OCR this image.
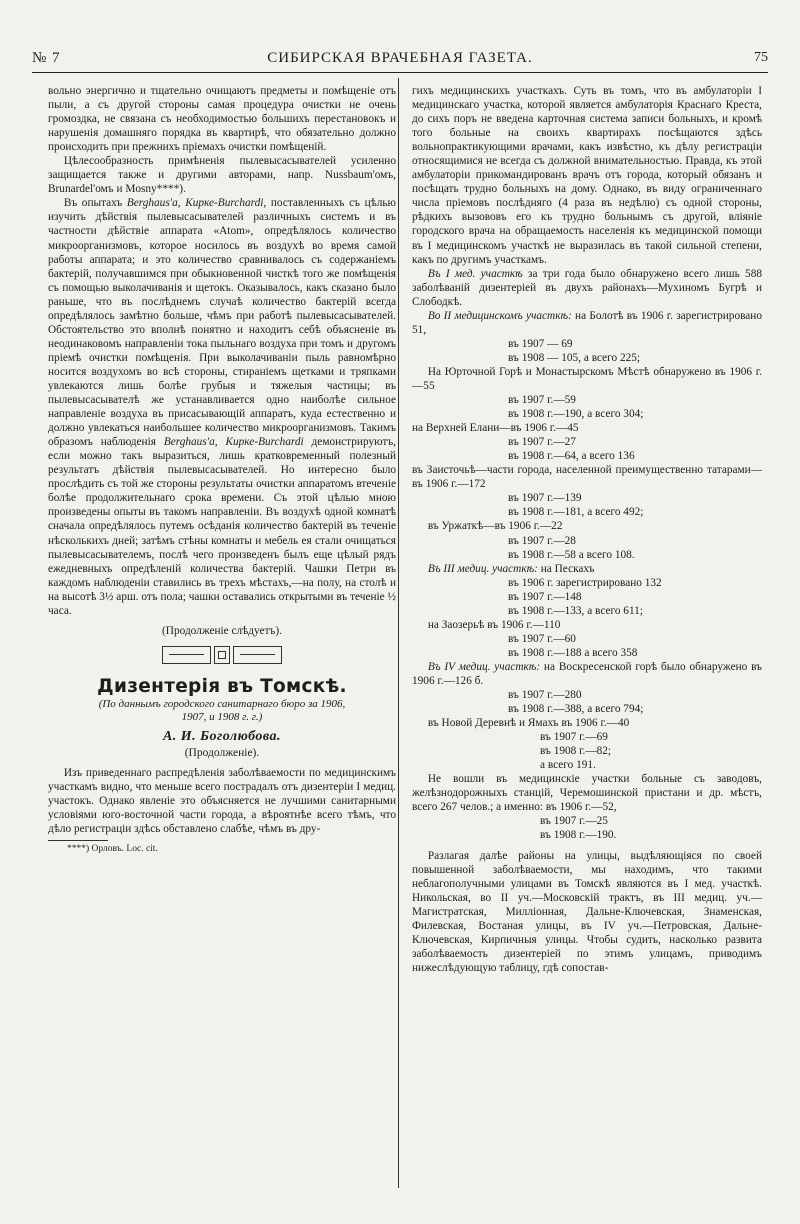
№ 7	СИБИРСКАЯ ВРАЧЕБНАЯ ГАЗЕТА.	75

вольно энергично и тщательно очищаютъ предметы и помѣщеніе отъ пыли, а съ другой стороны самая процедура очистки не очень громоздка, не связана съ необходимостью большихъ перестановокъ и нарушенія домашняго порядка въ квартирѣ, что обязательно должно происходить при прежнихъ пріемахъ очистки помѣщеній.

Цѣлесообразность примѣненія пылевысасывателей усиленно защищается также и другими авторами, напр. Nussbaum'омъ, Brunardel'омъ и Mosny****).

Въ опытахъ Berghaus'a, Кирке-Burchardi, поставленныхъ съ цѣлью изучить дѣйствія пылевысасывателей различныхъ системъ и въ частности дѣйствіе аппарата «Atom», опредѣлялось количество микроорганизмовъ, которое носилось въ воздухѣ во время самой работы аппарата; и это количество сравнивалось съ содержаніемъ бактерій, получавшимся при обыкновенной чисткѣ того же помѣщенія съ помощью выколачиванія и щетокъ. Оказывалось, какъ сказано было раньше, что въ послѣднемъ случаѣ количество бактерій всегда опредѣлялось замѣтно больше, чѣмъ при работѣ пылевысасывателей. Обстоятельство это вполнѣ понятно и находитъ себѣ объясненіе въ неодинаковомъ направленіи тока пыльнаго воздуха при томъ и другомъ пріемѣ очистки помѣщенія. При выколачиваніи пыль равномѣрно носится воздухомъ во всѣ стороны, стираніемъ щетками и тряпками увлекаются лишь болѣе грубыя и тяжелыя частицы; въ пылевысасывателѣ же устанавливается одно наиболѣе сильное направленіе воздуха въ присасывающій аппаратъ, куда естественно и должно увлекаться наибольшее количество микроорганизмовъ. Такимъ образомъ наблюденія Berghaus'a, Кирке-Burchardi демонстрируютъ, если можно такъ выразиться, лишь кратковременный полезный результатъ дѣйствія пылевысасывателей. Но интересно было прослѣдить съ той же стороны результаты очистки аппаратомъ втеченіе болѣе продолжительнаго срока времени. Съ этой цѣлью мною произведены опыты въ такомъ направленіи. Въ воздухѣ одной комнатѣ сначала опредѣлялось путемъ осѣданія количество бактерій въ теченіе нѣсколькихъ дней; затѣмъ стѣны комнаты и мебель ея стали очищаться пылевысасывателемъ, послѣ чего произведенъ былъ еще цѣлый рядъ ежедневныхъ опредѣленій количества бактерій. Чашки Петри въ каждомъ наблюденіи ставились въ трехъ мѣстахъ,—на полу, на столѣ и на высотѣ 3½ арш. отъ пола; чашки оставались открытыми въ теченіе ½ часа.

(Продолженіе слѣдуетъ).

Дизентерія въ Томскѣ.
(По даннымъ городского санитарнаго бюро за 1906,
1907, и 1908 г. г.)
А. И. Боголюбова.
(Продолженіе).

Изъ приведеннаго распредѣленія заболѣваемости по медицинскимъ участкамъ видно, что меньше всего пострадалъ отъ дизентеріи I медиц. участокъ. Однако явленіе это объясняется не лучшими санитарными условіями юго-восточной части города, а вѣроятнѣе всего тѣмъ, что дѣло регистраціи здѣсь обставлено слабѣе, чѣмъ въ дру-

****) Орловъ. Loc. cit.

гихъ медицинскихъ участкахъ. Суть въ томъ, что въ амбулаторіи I медицинскаго участка, которой является амбулаторія Краснаго Креста, до сихъ поръ не введена карточная система записи больныхъ, и кромѣ того больные на своихъ квартирахъ посѣщаются здѣсь вольнопрактикующими врачами, какъ извѣстно, къ дѣлу регистраціи относящимися не всегда съ должной внимательностью. Правда, къ этой амбулаторіи прикомандированъ врачъ отъ города, который обязанъ и посѣщать трудно больныхъ на дому. Однако, въ виду ограниченнаго числа пріемовъ послѣдняго (4 раза въ недѣлю) съ одной стороны, рѣдкихъ вызововъ его къ трудно больнымъ съ другой, вліяніе городского врача на обращаемость населенія къ медицинской помощи въ I медицинскомъ участкѣ не выразилась въ такой сильной степени, какъ по другимъ участкамъ.

Въ I мед. участкѣ за три года было обнаружено всего лишь 588 заболѣваній дизентеріей въ двухъ районахъ—Мухиномъ Бугрѣ и Слободкѣ.

Во II медицинскомъ участкѣ: на Болотѣ въ 1906 г. зарегистрировано 51,

въ 1907 — 69
въ 1908 — 105, а всего 225;

На Юрточной Горѣ и Монастырскомъ Мѣстѣ обнаружено въ 1906 г.—55

въ 1907 г.—59
въ 1908 г.—190, а всего 304;

на Верхней Елани—въ 1906 г.—45

въ 1907 г.—27
въ 1908 г.—64, а всего 136

въ Заисточьѣ—части города, населенной преимущественно татарами—въ 1906 г.—172

въ 1907 г.—139
въ 1908 г.—181, а всего 492;

въ Уржаткѣ—въ 1906 г.—22

въ 1907 г.—28
въ 1908 г.—58 а всего 108.

Въ III медиц. участкѣ: на Пескахъ

въ 1906 г. зарегистрировано 132
въ 1907 г.—148
въ 1908 г.—133, а всего 611;

на Заозерьѣ въ 1906 г.—110

въ 1907 г.—60
въ 1908 г.—188 а всего 358

Въ IV медиц. участкѣ: на Воскресенской горѣ было обнаружено въ 1906 г.—126 б.

въ 1907 г.—280
въ 1908 г.—388, а всего 794;

въ Новой Деревнѣ и Ямахъ въ 1906 г.—40

въ 1907 г.—69
въ 1908 г.—82;
а всего 191.

Не вошли въ медицинскіе участки больные съ заводовъ, желѣзнодорожныхъ станцій, Черемошинской пристани и др. мѣстъ, всего 267 челов.; а именно: въ 1906 г.—52,

въ 1907 г.—25
въ 1908 г.—190.

Разлагая далѣе районы на улицы, выдѣляющіяся по своей повышенной заболѣваемости, мы находимъ, что такими неблагополучными улицами въ Томскѣ являются въ I мед. участкѣ. Никольская, во II уч.—Московскій трактъ, въ III медиц. уч.—Магистратская, Миллiонная, Дальне-Ключевская, Знаменская, Филевская, Востаная улицы, въ IV уч.—Петровская, Дальне-Ключевская, Кирпичныя улицы. Чтобы судить, насколько развита заболѣваемость дизентеріей по этимъ улицамъ, приводимъ нижеслѣдующую таблицу, гдѣ сопостав-
